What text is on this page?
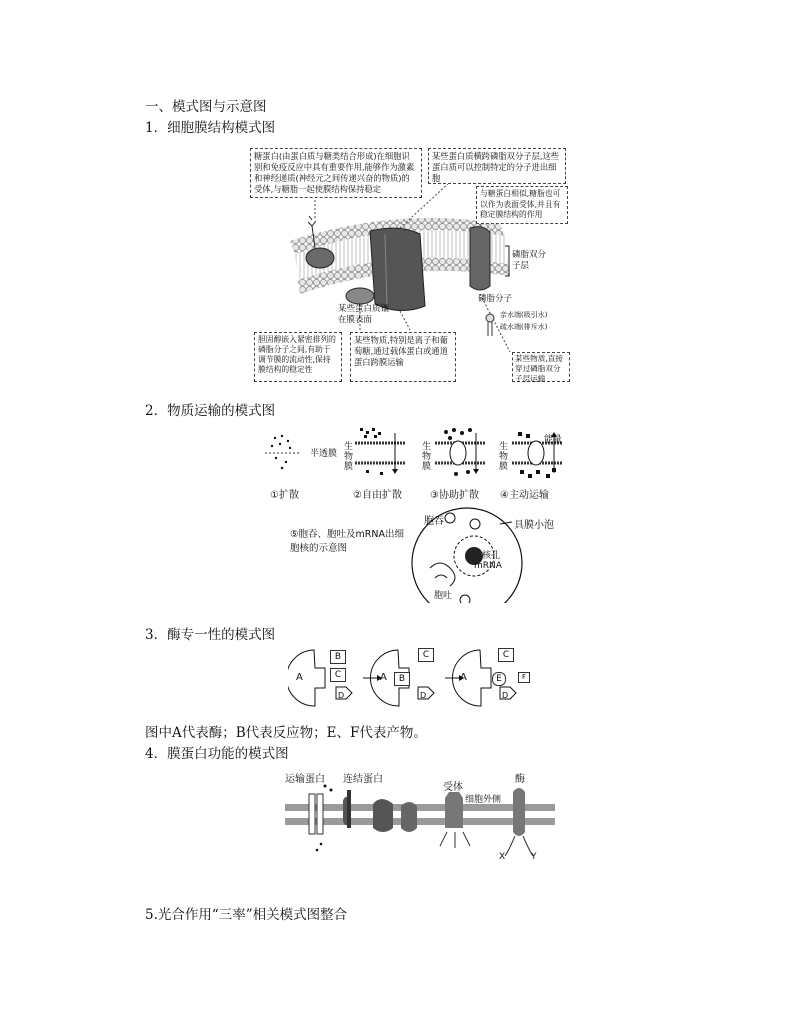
一、模式图与示意图
1．细胞膜结构模式图
糖蛋白(由蛋白质与糖类结合形成)在细胞识别和免疫反应中具有重要作用,能够作为激素和神经递质(神经元之间传递兴奋的物质)的受体,与糖脂一起使膜结构保持稳定
某些蛋白质横跨磷脂双分子层,这些蛋白质可以控制特定的分子进出细胞
与糖蛋白相似,糖脂也可以作为表面受体,并且有稳定膜结构的作用
磷脂双分子层
磷脂分子
亲水端(吸引水)
疏水端(排斥水)
某些蛋白质镶在膜表面
胆固醇嵌入紧密排列的磷脂分子之间,有助于调节膜的流动性,保持膜结构的稳定性
某些物质,特别是离子和葡萄糖,通过载体蛋白或通道蛋白跨膜运输	某些物质,直接穿过磷脂双分子层运输
2．物质运输的模式图
半透膜
生物膜
生物膜
生物膜
能量
①扩散	②自由扩散	③协助扩散 ④主动运输
⑤胞吞、胞吐及mRNA出细胞核的示意图
胞吞	具膜小泡
核孔
mRNA
胞吐
3．酶专一性的模式图
A	A	A
B
C
D
C
B
D
C
E	F
D
图中A代表酶；B代表反应物；E、F代表产物。
4．膜蛋白功能的模式图
运输蛋白 连结蛋白
受体
细胞外侧
酶
X	Y
5.光合作用“三率”相关模式图整合
